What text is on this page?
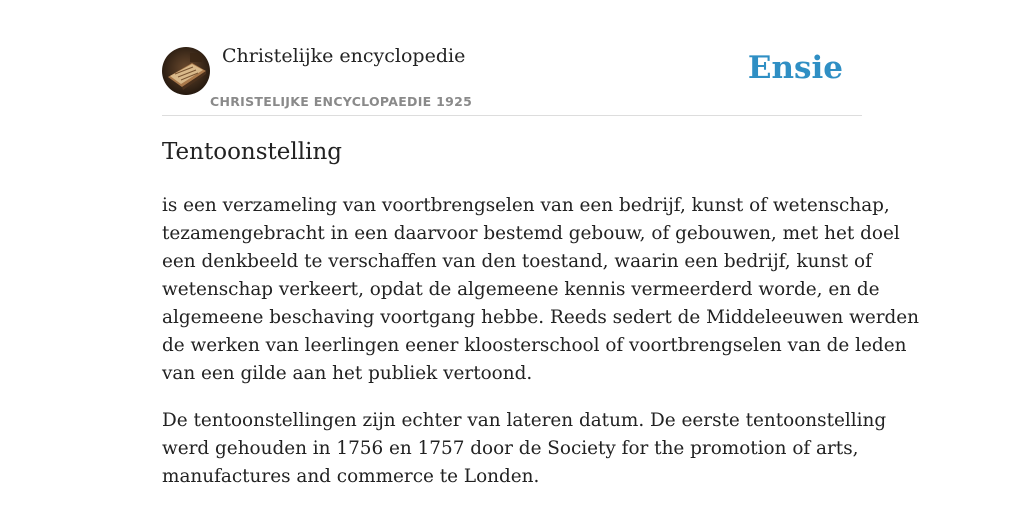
Christelijke encyclopedie
CHRISTELIJKE ENCYCLOPAEDIE 1925
Ensie
Tentoonstelling

is een verzameling van voortbrengselen van een bedrijf, kunst of wetenschap,
tezamengebracht in een daarvoor bestemd gebouw, of gebouwen, met het doel
een denkbeeld te verschaffen van den toestand, waarin een bedrijf, kunst of
wetenschap verkeert, opdat de algemeene kennis vermeerderd worde, en de
algemeene beschaving voortgang hebbe. Reeds sedert de Middeleeuwen werden
de werken van leerlingen eener kloosterschool of voortbrengselen van de leden
van een gilde aan het publiek vertoond.

De tentoonstellingen zijn echter van lateren datum. De eerste tentoonstelling
werd gehouden in 1756 en 1757 door de Society for the promotion of arts,
manufactures and commerce te Londen.
